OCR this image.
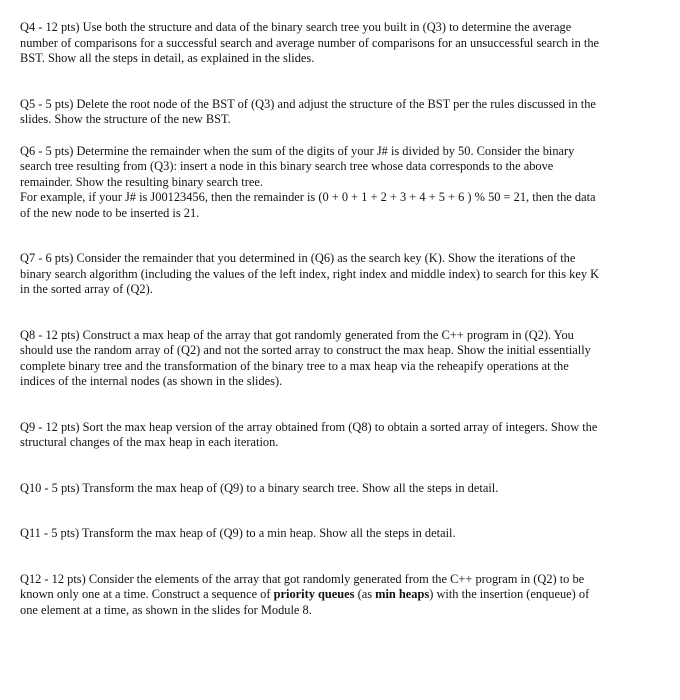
Q4 - 12 pts) Use both the structure and data of the binary search tree you built in (Q3) to determine the average number of comparisons for a successful search and average number of comparisons for an unsuccessful search in the BST. Show all the steps in detail, as explained in the slides.

Q5 - 5 pts) Delete the root node of the BST of (Q3) and adjust the structure of the BST per the rules discussed in the slides. Show the structure of the new BST.

Q6 - 5 pts) Determine the remainder when the sum of the digits of your J# is divided by 50. Consider the binary search tree resulting from (Q3): insert a node in this binary search tree whose data corresponds to the above remainder. Show the resulting binary search tree.
For example, if your J# is J00123456, then the remainder is (0 + 0 + 1 + 2 + 3 + 4 + 5 + 6 ) % 50 = 21, then the data of the new node to be inserted is 21.

Q7 - 6 pts) Consider the remainder that you determined in (Q6) as the search key (K). Show the iterations of the binary search algorithm (including the values of the left index, right index and middle index) to search for this key K in the sorted array of (Q2).

Q8 - 12 pts) Construct a max heap of the array that got randomly generated from the C++ program in (Q2). You should use the random array of (Q2) and not the sorted array to construct the max heap. Show the initial essentially complete binary tree and the transformation of the binary tree to a max heap via the reheapify operations at the indices of the internal nodes (as shown in the slides).

Q9 - 12 pts) Sort the max heap version of the array obtained from (Q8) to obtain a sorted array of integers. Show the structural changes of the max heap in each iteration.

Q10 - 5 pts) Transform the max heap of (Q9) to a binary search tree. Show all the steps in detail.

Q11 - 5 pts) Transform the max heap of (Q9) to a min heap. Show all the steps in detail.

Q12 - 12 pts) Consider the elements of the array that got randomly generated from the C++ program in (Q2) to be known only one at a time. Construct a sequence of priority queues (as min heaps) with the insertion (enqueue) of one element at a time, as shown in the slides for Module 8.
